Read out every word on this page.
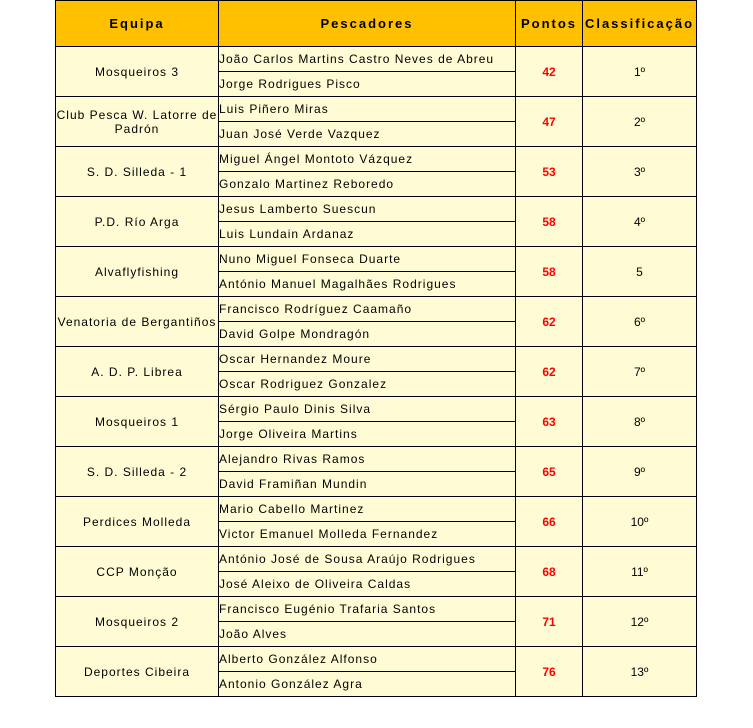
Equipa	Pescadores	Pontos	Classificação
Mosqueiros 3	João Carlos Martins Castro Neves de Abreu	42	1º
	Jorge Rodrigues Pisco		
Club Pesca W. Latorre de Padrón	Luis Piñero Miras	47	2º
	Juan José Verde Vazquez		
S. D. Silleda - 1	Miguel Ángel Montoto Vázquez	53	3º
	Gonzalo Martinez Reboredo		
P.D. Río Arga	Jesus Lamberto Suescun	58	4º
	Luis Lundain Ardanaz		
Alvaflyfishing	Nuno Miguel Fonseca Duarte	58	5
	António Manuel Magalhães Rodrigues		
Venatoria de Bergantiños	Francisco Rodríguez Caamaño	62	6º
	David Golpe Mondragón		
A. D. P. Librea	Oscar Hernandez Moure	62	7º
	Oscar Rodriguez Gonzalez		
Mosqueiros 1	Sérgio Paulo Dinis Silva	63	8º
	Jorge Oliveira Martins		
S. D. Silleda - 2	Alejandro Rivas Ramos	65	9º
	David Framiñan Mundin		
Perdices Molleda	Mario Cabello Martinez	66	10º
	Victor Emanuel Molleda Fernandez		
CCP Monção	António José de Sousa Araújo Rodrigues	68	11º
	José Aleixo de Oliveira Caldas		
Mosqueiros 2	Francisco Eugénio Trafaria Santos	71	12º
	João Alves		
Deportes Cibeira	Alberto González Alfonso	76	13º
	Antonio González Agra		
